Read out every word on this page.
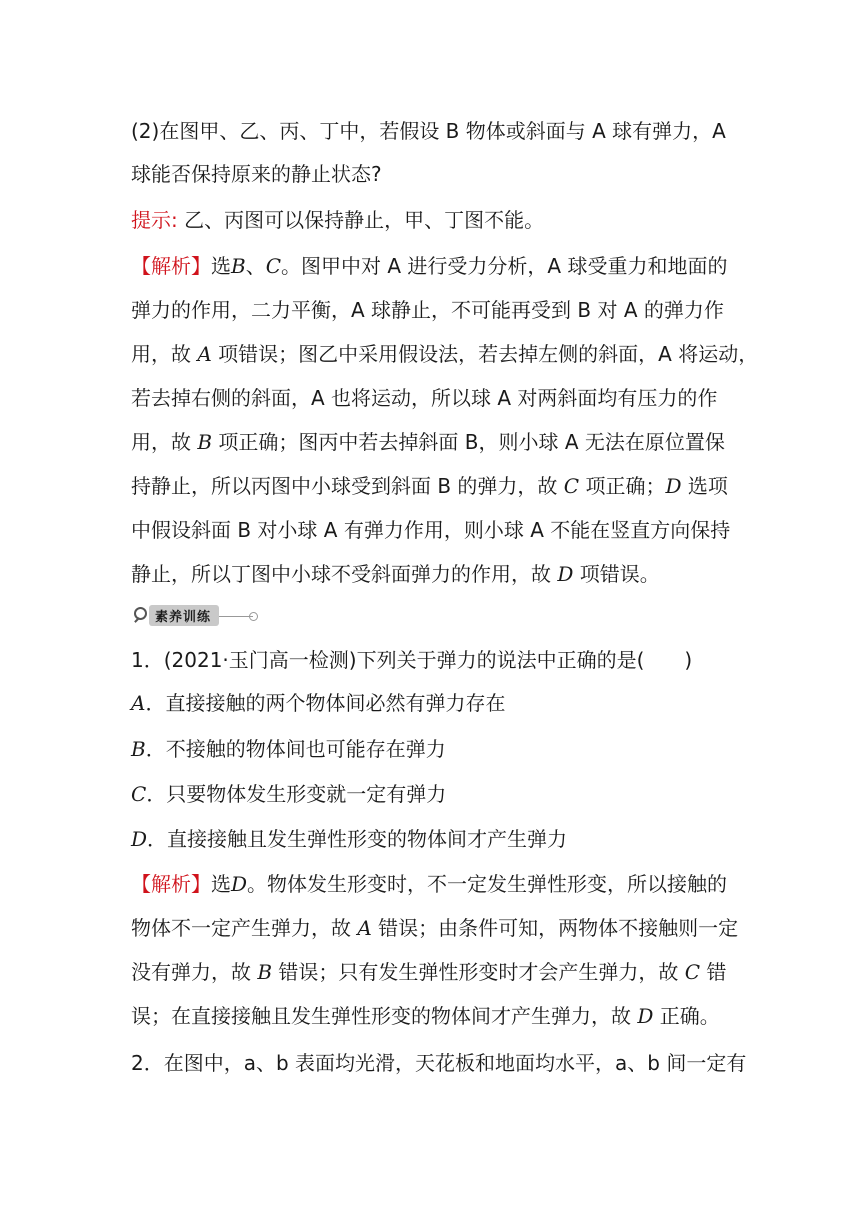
(2)在图甲、乙、丙、丁中，若假设 B 物体或斜面与 A 球有弹力，A
球能否保持原来的静止状态?
提示: 乙、丙图可以保持静止，甲、丁图不能。
【解析】选B、C。图甲中对 A 进行受力分析，A 球受重力和地面的
弹力的作用，二力平衡，A 球静止，不可能再受到 B 对 A 的弹力作
用，故 A 项错误；图乙中采用假设法，若去掉左侧的斜面，A 将运动，
若去掉右侧的斜面，A 也将运动，所以球 A 对两斜面均有压力的作
用，故 B 项正确；图丙中若去掉斜面 B，则小球 A 无法在原位置保
持静止，所以丙图中小球受到斜面 B 的弹力，故 C 项正确；D 选项
中假设斜面 B 对小球 A 有弹力作用，则小球 A 不能在竖直方向保持
静止，所以丁图中小球不受斜面弹力的作用，故 D 项错误。
素养训练
1．(2021·玉门高一检测)下列关于弹力的说法中正确的是(　　)
A．直接接触的两个物体间必然有弹力存在
B．不接触的物体间也可能存在弹力
C．只要物体发生形变就一定有弹力
D．直接接触且发生弹性形变的物体间才产生弹力
【解析】选D。物体发生形变时，不一定发生弹性形变，所以接触的
物体不一定产生弹力，故 A 错误；由条件可知，两物体不接触则一定
没有弹力，故 B 错误；只有发生弹性形变时才会产生弹力，故 C 错
误；在直接接触且发生弹性形变的物体间才产生弹力，故 D 正确。
2．在图中，a、b 表面均光滑，天花板和地面均水平，a、b 间一定有
